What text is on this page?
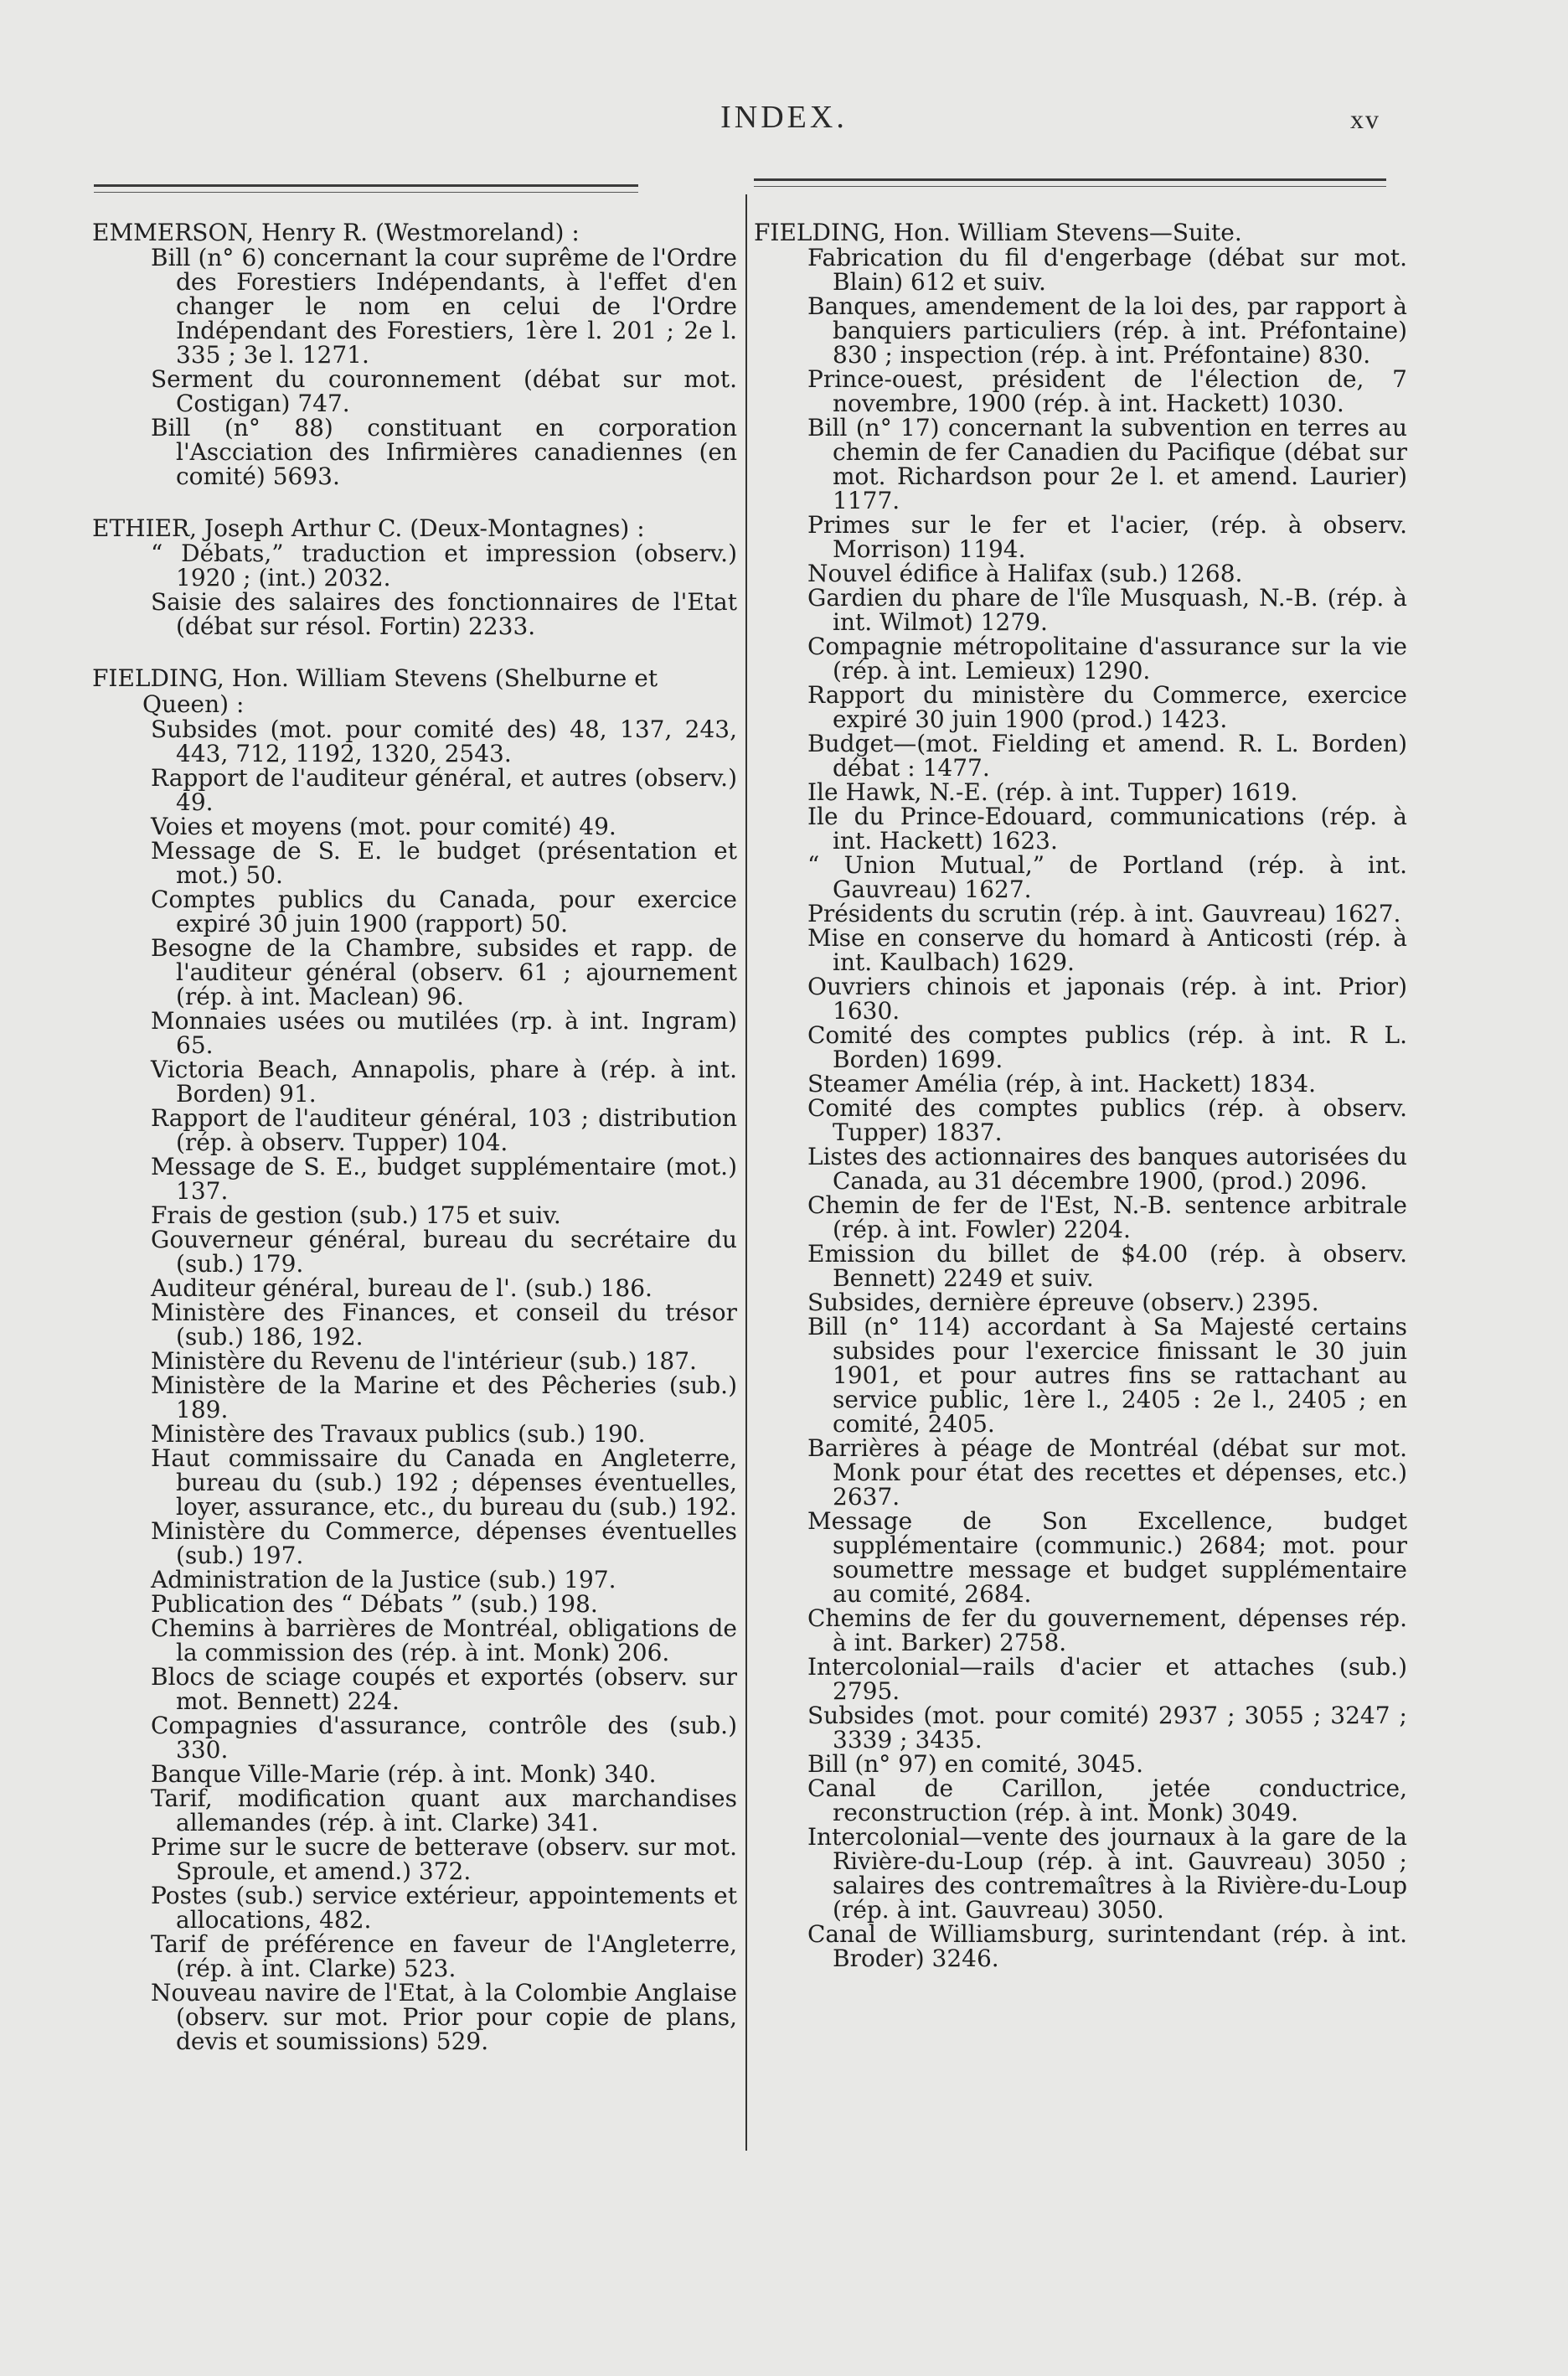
INDEX.	xv
EMMERSON, Henry R. (Westmoreland) :
Bill (n° 6) concernant la cour suprême de l'Ordre des Forestiers Indépendants, à l'effet d'en changer le nom en celui de l'Ordre Indépendant des Forestiers, 1ère l. 201 ; 2e l. 335 ; 3e l. 1271.
Serment du couronnement (débat sur mot. Costigan) 747.
Bill (n° 88) constituant en corporation l'Ascciation des Infirmières canadiennes (en comité) 5693.
ETHIER, Joseph Arthur C. (Deux-Montagnes) :
“ Débats,” traduction et impression (observ.) 1920 ; (int.) 2032.
Saisie des salaires des fonctionnaires de l'Etat (débat sur résol. Fortin) 2233.
FIELDING, Hon. William Stevens (Shelburne et Queen) :
Subsides (mot. pour comité des) 48, 137, 243, 443, 712, 1192, 1320, 2543.
Rapport de l'auditeur général, et autres (observ.) 49.
Voies et moyens (mot. pour comité) 49.
Message de S. E. le budget (présentation et mot.) 50.
Comptes publics du Canada, pour exercice expiré 30 juin 1900 (rapport) 50.
Besogne de la Chambre, subsides et rapp. de l'auditeur général (observ. 61 ; ajournement (rép. à int. Maclean) 96.
Monnaies usées ou mutilées (rp. à int. Ingram) 65.
Victoria Beach, Annapolis, phare à (rép. à int. Borden) 91.
Rapport de l'auditeur général, 103 ; distribution (rép. à observ. Tupper) 104.
Message de S. E., budget supplémentaire (mot.) 137.
Frais de gestion (sub.) 175 et suiv.
Gouverneur général, bureau du secrétaire du (sub.) 179.
Auditeur général, bureau de l'. (sub.) 186.
Ministère des Finances, et conseil du trésor (sub.) 186, 192.
Ministère du Revenu de l'intérieur (sub.) 187.
Ministère de la Marine et des Pêcheries (sub.) 189.
Ministère des Travaux publics (sub.) 190.
Haut commissaire du Canada en Angleterre, bureau du (sub.) 192 ; dépenses éventuelles, loyer, assurance, etc., du bureau du (sub.) 192.
Ministère du Commerce, dépenses éventuelles (sub.) 197.
Administration de la Justice (sub.) 197.
Publication des “ Débats ” (sub.) 198.
Chemins à barrières de Montréal, obligations de la commission des (rép. à int. Monk) 206.
Blocs de sciage coupés et exportés (observ. sur mot. Bennett) 224.
Compagnies d'assurance, contrôle des (sub.) 330.
Banque Ville-Marie (rép. à int. Monk) 340.
Tarif, modification quant aux marchandises allemandes (rép. à int. Clarke) 341.
Prime sur le sucre de betterave (observ. sur mot. Sproule, et amend.) 372.
Postes (sub.) service extérieur, appointements et allocations, 482.
Tarif de préférence en faveur de l'Angleterre, (rép. à int. Clarke) 523.
Nouveau navire de l'Etat, à la Colombie Anglaise (observ. sur mot. Prior pour copie de plans, devis et soumissions) 529.
FIELDING, Hon. William Stevens—Suite.
Fabrication du fil d'engerbage (débat sur mot. Blain) 612 et suiv.
Banques, amendement de la loi des, par rapport à banquiers particuliers (rép. à int. Préfontaine) 830 ; inspection (rép. à int. Préfontaine) 830.
Prince-ouest, président de l'élection de, 7 novembre, 1900 (rép. à int. Hackett) 1030.
Bill (n° 17) concernant la subvention en terres au chemin de fer Canadien du Pacifique (débat sur mot. Richardson pour 2e l. et amend. Laurier) 1177.
Primes sur le fer et l'acier, (rép. à observ. Morrison) 1194.
Nouvel édifice à Halifax (sub.) 1268.
Gardien du phare de l'île Musquash, N.-B. (rép. à int. Wilmot) 1279.
Compagnie métropolitaine d'assurance sur la vie (rép. à int. Lemieux) 1290.
Rapport du ministère du Commerce, exercice expiré 30 juin 1900 (prod.) 1423.
Budget—(mot. Fielding et amend. R. L. Borden) débat : 1477.
Ile Hawk, N.-E. (rép. à int. Tupper) 1619.
Ile du Prince-Edouard, communications (rép. à int. Hackett) 1623.
“ Union Mutual,” de Portland (rép. à int. Gauvreau) 1627.
Présidents du scrutin (rép. à int. Gauvreau) 1627.
Mise en conserve du homard à Anticosti (rép. à int. Kaulbach) 1629.
Ouvriers chinois et japonais (rép. à int. Prior) 1630.
Comité des comptes publics (rép. à int. R L. Borden) 1699.
Steamer Amélia (rép, à int. Hackett) 1834.
Comité des comptes publics (rép. à observ. Tupper) 1837.
Listes des actionnaires des banques autorisées du Canada, au 31 décembre 1900, (prod.) 2096.
Chemin de fer de l'Est, N.-B. sentence arbitrale (rép. à int. Fowler) 2204.
Emission du billet de $4.00 (rép. à observ. Bennett) 2249 et suiv.
Subsides, dernière épreuve (observ.) 2395.
Bill (n° 114) accordant à Sa Majesté certains subsides pour l'exercice finissant le 30 juin 1901, et pour autres fins se rattachant au service public, 1ère l., 2405 : 2e l., 2405 ; en comité, 2405.
Barrières à péage de Montréal (débat sur mot. Monk pour état des recettes et dépenses, etc.) 2637.
Message de Son Excellence, budget supplémentaire (communic.) 2684; mot. pour soumettre message et budget supplémentaire au comité, 2684.
Chemins de fer du gouvernement, dépenses rép. à int. Barker) 2758.
Intercolonial—rails d'acier et attaches (sub.) 2795.
Subsides (mot. pour comité) 2937 ; 3055 ; 3247 ; 3339 ; 3435.
Bill (n° 97) en comité, 3045.
Canal de Carillon, jetée conductrice, reconstruction (rép. à int. Monk) 3049.
Intercolonial—vente des journaux à la gare de la Rivière-du-Loup (rép. à int. Gauvreau) 3050 ; salaires des contremaîtres à la Rivière-du-Loup (rép. à int. Gauvreau) 3050.
Canal de Williamsburg, surintendant (rép. à int. Broder) 3246.
